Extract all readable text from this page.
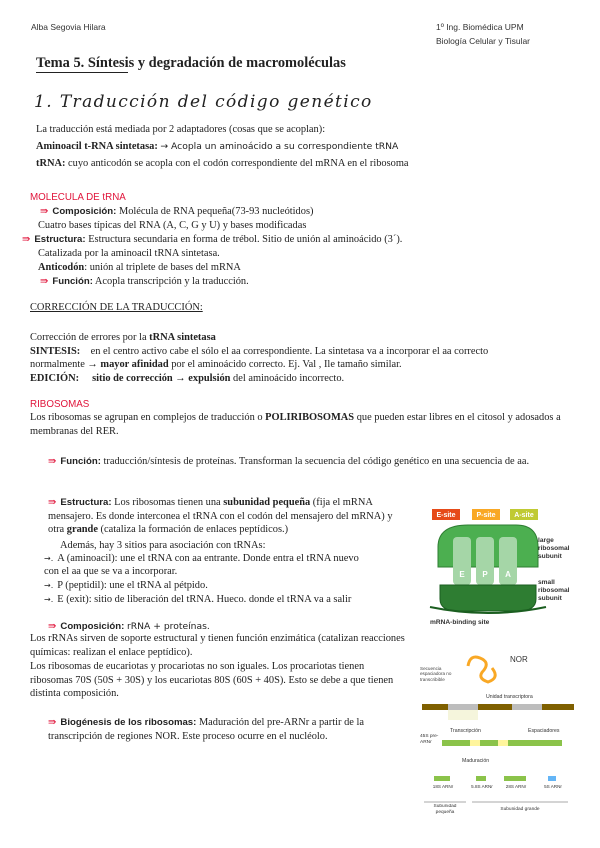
Alba Segovia Hilara	1º Ing. Biomédica UPM
Biología Celular y Tisular
Tema 5. Síntesis y degradación de macromoléculas
1. Traducción del código genético
La traducción está mediada por 2 adaptadores (cosas que se acoplan):
Aminoacil t-RNA sintetasa: → Acopla un aminoácido a su correspondiente tRNA
tRNA: cuyo anticodón se acopla con el codón correspondiente del mRNA en el ribosoma
MOLECULA DE tRNA
⇛ Composición: Molécula de RNA pequeña(73-93 nucleótidos)
Cuatro bases típicas del RNA (A, C, G y U) y bases modificadas
⇛ Estructura: Estructura secundaria en forma de trébol. Sitio de unión al aminoácido (3´).
Catalizada por la aminoacil tRNA sintetasa.
Anticodón: unión al triplete de bases del mRNA
⇛ Función: Acopla transcripción y la traducción.
CORRECCIÓN DE LA TRADUCCIÓN:
Corrección de errores por la tRNA sintetasa
SINTESIS: en el centro activo cabe el sólo el aa correspondiente. La sintetasa va a incorporar el aa correcto
normalmente → mayor afinidad por el aminoácido correcto. Ej. Val , Ile tamaño similar.
EDICIÓN: sitio de corrección → expulsión del aminoácido incorrecto.
RIBOSOMAS
Los ribosomas se agrupan en complejos de traducción o POLIRIBOSOMAS que pueden estar libres en el citosol y adosados a membranas del RER.
⇛ Función: traducción/síntesis de proteínas. Transforman la secuencia del código genético en una secuencia de aa.
⇛ Estructura: Los ribosomas tienen una subunidad pequeña (fija el mRNA mensajero. Es donde interconea el tRNA con el codón del mensajero del mRNA) y otra grande (cataliza la formación de enlaces peptídicos.)
Además, hay 3 sitios para asociación con tRNAs:
→. A (aminoacil): une el tRNA con aa entrante. Donde entra el tRNA nuevo
con el aa que se va a incorporar.
→. P (peptidil): une el tRNA al pétpido.
→. E (exit): sitio de liberación del tRNA. Hueco. donde el tRNA va a salir
⇛ Composición: rRNA + proteínas.
Los rRNAs sirven de soporte estructural y tienen función enzimática (catalizan reacciones químicas: realizan el enlace peptídico).
Los ribosomas de eucariotas y procariotas no son iguales. Los procariotas tienen ribosomas 70S (50S + 30S) y los eucariotas 80S (60S + 40S). Esto se debe a que tienen distinta composición.
⇛ Biogénesis de los ribosomas: Maduración del pre-ARNr a partir de la transcripción de regiones NOR. Este proceso ocurre en el nucléolo.
E-site	P-site	A-site
E P A
large ribosomal subunit
small ribosomal subunit
mRNA-binding site
NOR
Secuencia espaciadora no transcribible
Unidad transcriptora
Transcripción	Espaciadores
45S pre-ARNr
Maduración
18S ARNr	5.8S ARNr	28S ARNr	5S ARNr
Subunidad pequeña
Subunidad grande
